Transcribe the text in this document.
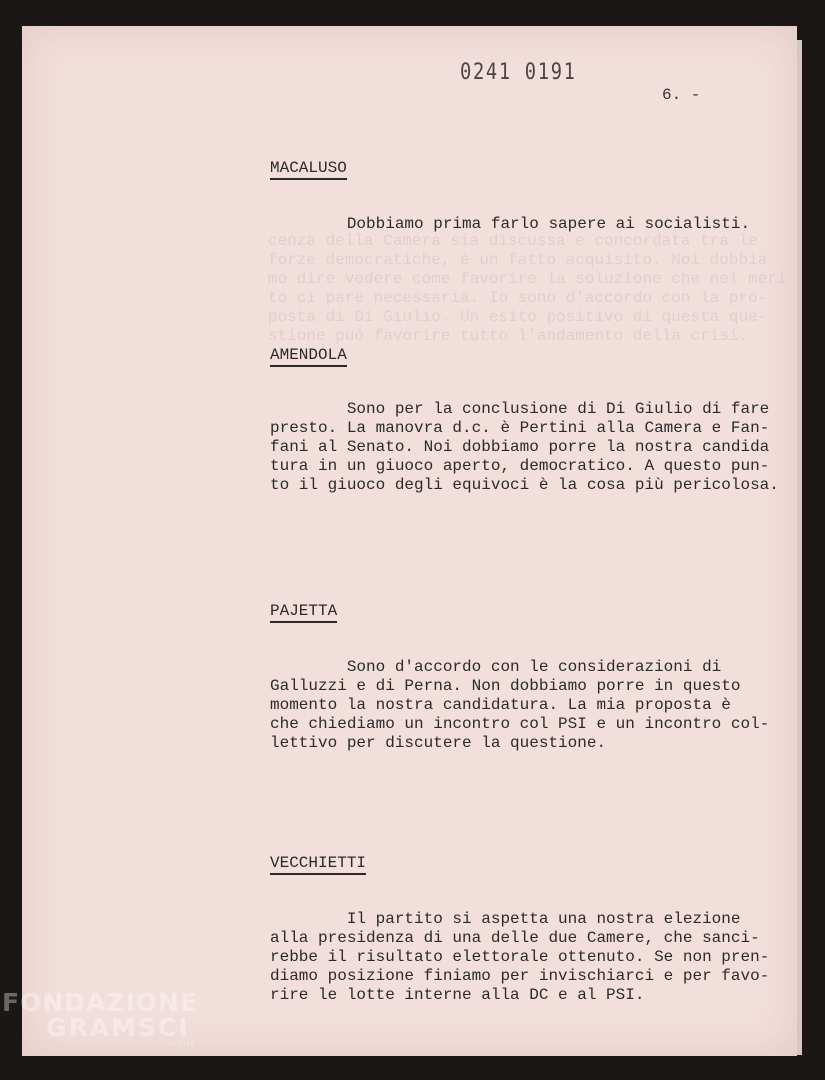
cenza della Camera sia discussa e concordata tra le
forze democratiche, è un fatto acquisito. Noi dobbia
mo dire vedere come favorire la soluzione che nel meri
to ci pare necessaria. Io sono d'accordo con la pro-
posta di Di Giulio. Un esito positivo di questa que-
stione può favorire tutto l'andamento della crisi.
0241 0191
6. -
MACALUSO
Dobbiamo prima farlo sapere ai socialisti.
AMENDOLA
Sono per la conclusione di Di Giulio di fare
presto. La manovra d.c. è Pertini alla Camera e Fan-
fani al Senato. Noi dobbiamo porre la nostra candida
tura in un giuoco aperto, democratico. A questo pun-
to il giuoco degli equivoci è la cosa più pericolosa.
PAJETTA
Sono d'accordo con le considerazioni di
Galluzzi e di Perna. Non dobbiamo porre in questo
momento la nostra candidatura. La mia proposta è
che chiediamo un incontro col PSI e un incontro col-
lettivo per discutere la questione.
VECCHIETTI
Il partito si aspetta una nostra elezione
alla presidenza di una delle due Camere, che sanci-
rebbe il risultato elettorale ottenuto. Se non pren-
diamo posizione finiamo per invischiarci e per favo-
rire le lotte interne alla DC e al PSI.
FONDAZIONE
GRAMSCI
onlus
